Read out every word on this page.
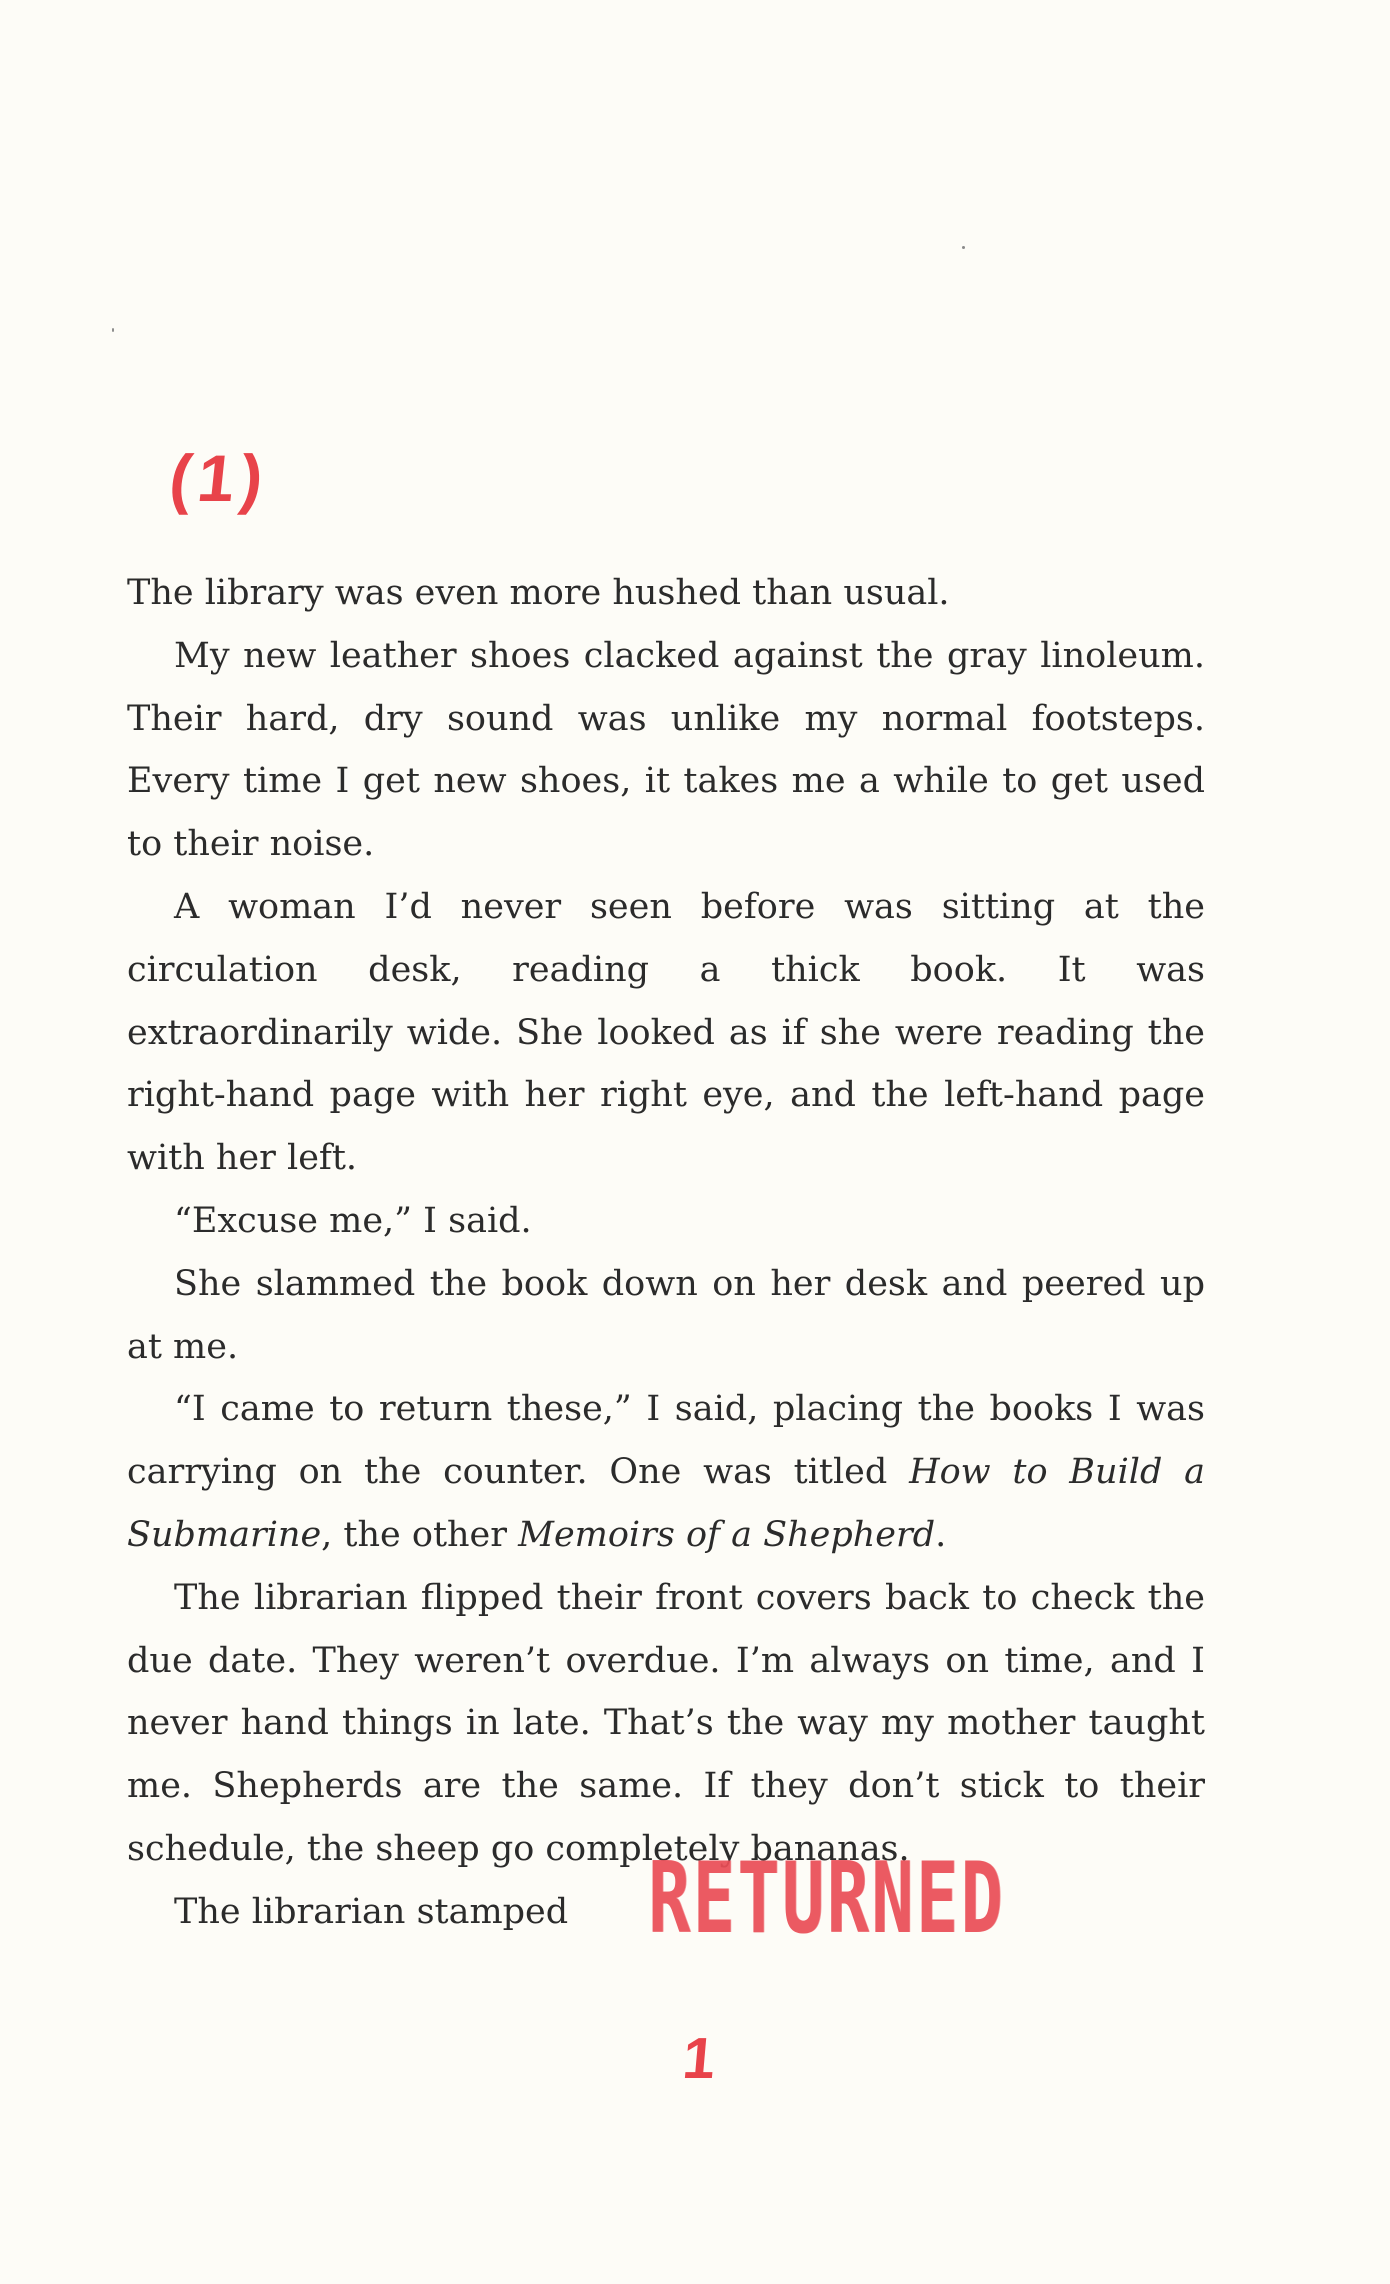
(1)

The library was even more hushed than usual.

My new leather shoes clacked against the gray linoleum. Their hard, dry sound was unlike my normal footsteps. Every time I get new shoes, it takes me a while to get used to their noise.

A woman I’d never seen before was sitting at the circulation desk, reading a thick book. It was extraordinarily wide. She looked as if she were reading the right-hand page with her right eye, and the left-hand page with her left.

“Excuse me,” I said.

She slammed the book down on her desk and peered up at me.

“I came to return these,” I said, placing the books I was carrying on the counter. One was titled How to Build a Submarine, the other Memoirs of a Shepherd.

The librarian flipped their front covers back to check the due date. They weren’t overdue. I’m always on time, and I never hand things in late. That’s the way my mother taught me. Shepherds are the same. If they don’t stick to their schedule, the sheep go completely bananas.

The librarian stamped RETURNED
1
